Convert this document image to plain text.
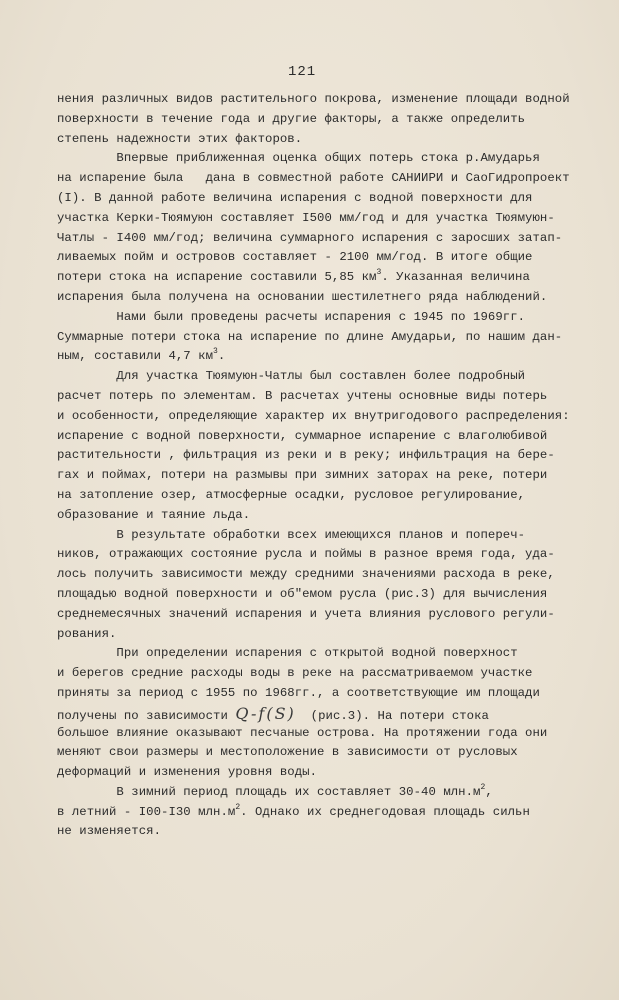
121
нения различных видов растительного покрова, изменение площади водной
поверхности в течение года и другие факторы, а также определить
степень надежности этих факторов.
Впервые приближенная оценка общих потерь стока р.Амударья
на испарение была   дана в совместной работе САНИИРИ и СаоГидропроект
(I). В данной работе величина испарения с водной поверхности для
участка Керки-Тюямуюн составляет I500 мм/год и для участка Тюямуюн-
Чатлы - I400 мм/год; величина суммарного испарения с заросших затап-
ливаемых пойм и островов составляет - 2100 мм/год. В итоге общие
потери стока на испарение составили 5,85 $км^3$. Указанная величина
испарения была получена на основании шестилетнего ряда наблюдений.
Нами были проведены расчеты испарения с 1945 по 1969гг.
Суммарные потери стока на испарение по длине Амударьи, по нашим дан-
ным, составили 4,7 $км^3$.
Для участка Тюямуюн-Чатлы был составлен более подробный
расчет потерь по элементам. В расчетах учтены основные виды потерь
и особенности, определяющие характер их внутригодового распределения:
испарение с водной поверхности, суммарное испарение с влаголюбивой
растительности , фильтрация из реки и в реку; инфильтрация на бере-
гах и поймах, потери на размывы при зимних заторах на реке, потери
на затопление озер, атмосферные осадки, русловое регулирование,
образование и таяние льда.
В результате обработки всех имеющихся планов и попереч-
ников, отражающих состояние русла и поймы в разное время года, уда-
лось получить зависимости между средними значениями расхода в реке,
площадью водной поверхности и об"емом русла (рис.3) для вычисления
среднемесячных значений испарения и учета влияния руслового регули-
рования.
При определении испарения с открытой водной поверхност
и берегов средние расходы воды в реке на рассматриваемом участке
приняты за период с 1955 по 1968гг., а соответствующие им площади
получены по зависимости Q-f(S)  (рис.3). На потери стока
большое влияние оказывают песчаные острова. На протяжении года они
меняют свои размеры и местоположение в зависимости от русловых
деформаций и изменения уровня воды.
В зимний период площадь их составляет 30-40 $млн.м^2$,
в летний - I00-I30 $млн.м^2$. Однако их среднегодовая площадь сильн
не изменяется.
